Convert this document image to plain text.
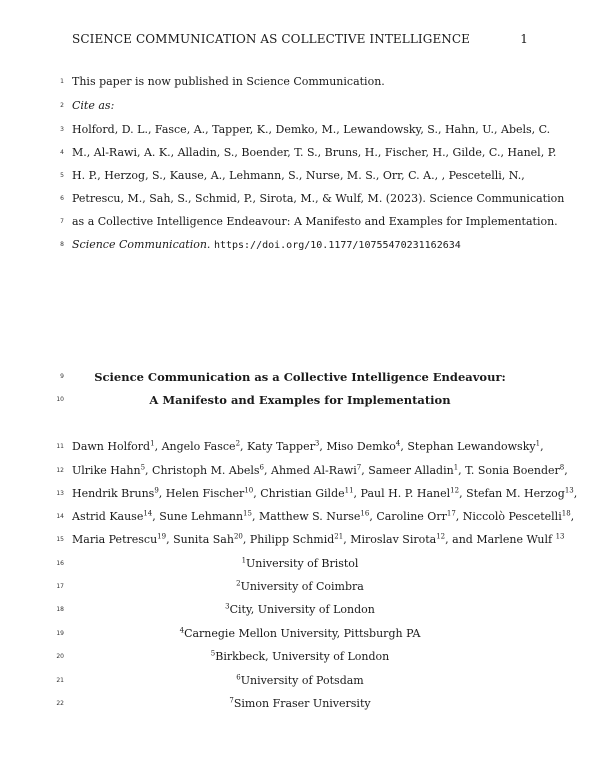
SCIENCE COMMUNICATION AS COLLECTIVE INTELLIGENCE	1
1 This paper is now published in Science Communication.
2 Cite as:
3 Holford, D. L., Fasce, A., Tapper, K., Demko, M., Lewandowsky, S., Hahn, U., Abels, C.
4 M., Al-Rawi, A. K., Alladin, S., Boender, T. S., Bruns, H., Fischer, H., Gilde, C., Hanel, P.
5 H. P., Herzog, S., Kause, A., Lehmann, S., Nurse, M. S., Orr, C. A., , Pescetelli, N.,
6 Petrescu, M., Sah, S., Schmid, P., Sirota, M., & Wulf, M. (2023). Science Communication
7 as a Collective Intelligence Endeavour: A Manifesto and Examples for Implementation.
8 Science Communication. https://doi.org/10.1177/10755470231162634
9	Science Communication as a Collective Intelligence Endeavour:
10	A Manifesto and Examples for Implementation
11 Dawn Holford$^1$, Angelo Fasce$^2$, Katy Tapper$^3$, Miso Demko$^4$, Stephan Lewandowsky$^1$,
12 Ulrike Hahn$^5$, Christoph M. Abels$^6$, Ahmed Al-Rawi$^7$, Sameer Alladin$^1$, T. Sonia Boender$^8$,
13 Hendrik Bruns$^9$, Helen Fischer$^{10}$, Christian Gilde$^{11}$, Paul H. P. Hanel$^{12}$, Stefan M. Herzog$^{13}$,
14 Astrid Kause$^{14}$, Sune Lehmann$^{15}$, Matthew S. Nurse$^{16}$, Caroline Orr$^{17}$, Niccolò Pescetelli$^{18}$,
15 Maria Petrescu$^{19}$, Sunita Sah$^{20}$, Philipp Schmid$^{21}$, Miroslav Sirota$^{12}$, and Marlene Wulf $^{13}$
16	$^1$University of Bristol
17	$^2$University of Coimbra
18	$^3$City, University of London
19	$^4$Carnegie Mellon University, Pittsburgh PA
20	$^5$Birkbeck, University of London
21	$^6$University of Potsdam
22	$^7$Simon Fraser University
